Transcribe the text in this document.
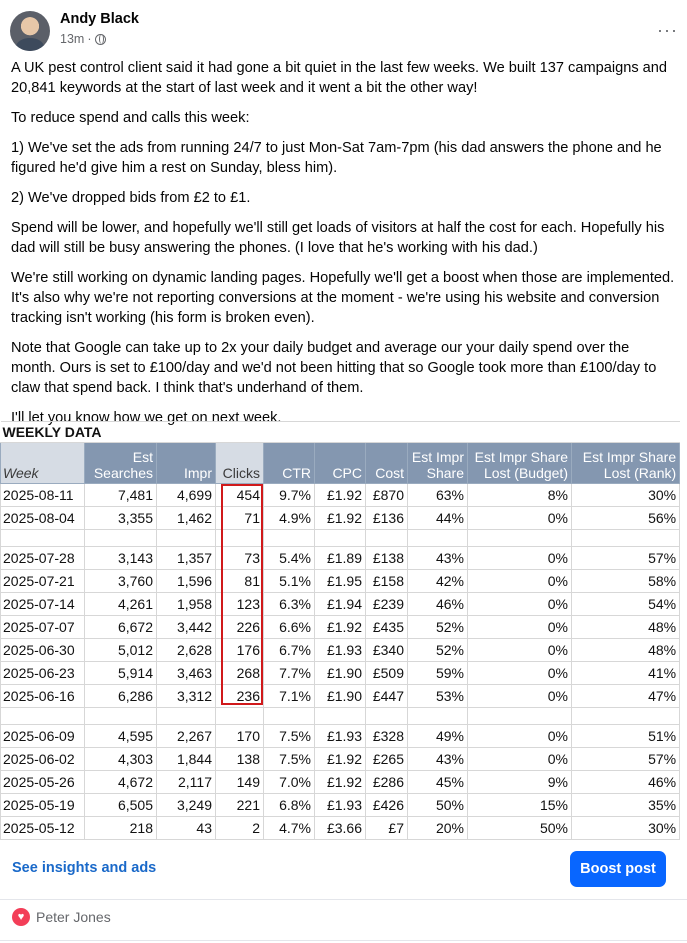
Andy Black
13m ·	···

A UK pest control client said it had gone a bit quiet in the last few weeks. We built 137 campaigns and 20,841 keywords at the start of last week and it went a bit the other way!

To reduce spend and calls this week:

1) We've set the ads from running 24/7 to just Mon-Sat 7am-7pm (his dad answers the phone and he figured he'd give him a rest on Sunday, bless him).

2) We've dropped bids from £2 to £1.

Spend will be lower, and hopefully we'll still get loads of visitors at half the cost for each. Hopefully his dad will still be busy answering the phones. (I love that he's working with his dad.)

We're still working on dynamic landing pages. Hopefully we'll get a boost when those are implemented. It's also why we're not reporting conversions at the moment - we're using his website and conversion tracking isn't working (his form is broken even).

Note that Google can take up to 2x your daily budget and average our your daily spend over the month. Ours is set to £100/day and we'd not been hitting that so Google took more than £100/day to claw that spend back. I think that's underhand of them.

I'll let you know how we get on next week.

WEEKLY DATA									
Week	Est Searches	Impr	Clicks	CTR	CPC	Cost	Est Impr Share	Est Impr Share Lost (Budget)	Est Impr Share Lost (Rank)
2025-08-11	7,481	4,699	454	9.7%	£1.92	£870	63%	8%	30%
2025-08-04	3,355	1,462	71	4.9%	£1.92	£136	44%	0%	56%

2025-07-28	3,143	1,357	73	5.4%	£1.89	£138	43%	0%	57%
2025-07-21	3,760	1,596	81	5.1%	£1.95	£158	42%	0%	58%
2025-07-14	4,261	1,958	123	6.3%	£1.94	£239	46%	0%	54%
2025-07-07	6,672	3,442	226	6.6%	£1.92	£435	52%	0%	48%
2025-06-30	5,012	2,628	176	6.7%	£1.93	£340	52%	0%	48%
2025-06-23	5,914	3,463	268	7.7%	£1.90	£509	59%	0%	41%
2025-06-16	6,286	3,312	236	7.1%	£1.90	£447	53%	0%	47%

2025-06-09	4,595	2,267	170	7.5%	£1.93	£328	49%	0%	51%
2025-06-02	4,303	1,844	138	7.5%	£1.92	£265	43%	0%	57%
2025-05-26	4,672	2,117	149	7.0%	£1.92	£286	45%	9%	46%
2025-05-19	6,505	3,249	221	6.8%	£1.93	£426	50%	15%	35%
2025-05-12	218	43	2	4.7%	£3.66	£7	20%	50%	30%
See insights and ads	Boost post
♥ Peter Jones
